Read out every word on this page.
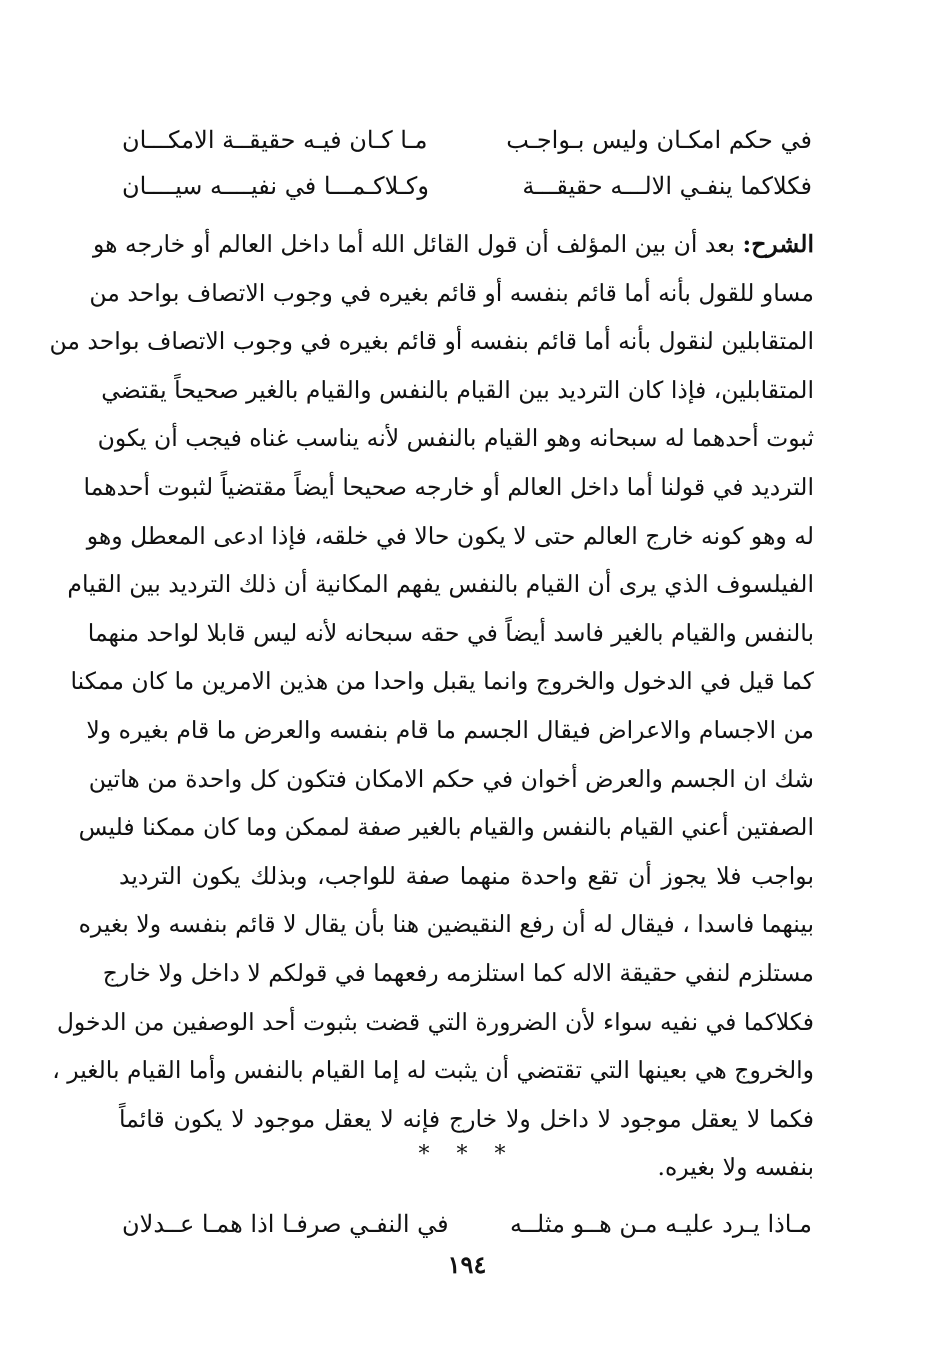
في حكم امكـان وليس بـواجـب
مـا كـان فيـه حقيقــة الامكـــان
فكلاكما ينفـي الالـــه حقيقـــة
وكـلاكـمـــا في نفيــــه سيــــان
الشرح: بعد أن بين المؤلف أن قول القائل الله أما داخل العالم أو خارجه هو
مساو للقول بأنه أما قائم بنفسه أو قائم بغيره في وجوب الاتصاف بواحد من
المتقابلين لنقول بأنه أما قائم بنفسه أو قائم بغيره في وجوب الاتصاف بواحد من
المتقابلين، فإذا كان الترديد بين القيام بالنفس والقيام بالغير صحيحاً يقتضي
ثبوت أحدهما له سبحانه وهو القيام بالنفس لأنه يناسب غناه فيجب أن يكون
الترديد في قولنا أما داخل العالم أو خارجه صحيحا أيضاً مقتضياً لثبوت أحدهما
له وهو كونه خارج العالم حتى لا يكون حالا في خلقه، فإذا ادعى المعطل وهو
الفيلسوف الذي يرى أن القيام بالنفس يفهم المكانية أن ذلك الترديد بين القيام
بالنفس والقيام بالغير فاسد أيضاً في حقه سبحانه لأنه ليس قابلا لواحد منهما
كما قيل في الدخول والخروج وانما يقبل واحدا من هذين الامرين ما كان ممكنا
من الاجسام والاعراض فيقال الجسم ما قام بنفسه والعرض ما قام بغيره ولا
شك ان الجسم والعرض أخوان في حكم الامكان فتكون كل واحدة من هاتين
الصفتين أعني القيام بالنفس والقيام بالغير صفة لممكن وما كان ممكنا فليس
بواجب فلا يجوز أن تقع واحدة منهما صفة للواجب، وبذلك يكون الترديد
بينهما فاسدا ، فيقال له أن رفع النقيضين هنا بأن يقال لا قائم بنفسه ولا بغيره
مستلزم لنفي حقيقة الاله كما استلزمه رفعهما في قولكم لا داخل ولا خارج
فكلاكما في نفيه سواء لأن الضرورة التي قضت بثبوت أحد الوصفين من الدخول
والخروج هي بعينها التي تقتضي أن يثبت له إما القيام بالنفس وأما القيام بالغير ،
فكما لا يعقل موجود لا داخل ولا خارج فإنه لا يعقل موجود لا يكون قائماً
بنفسه ولا بغيره.
* * *
مـاذا يـرد عليـه مـن هــو مثلــه
في النفـي صرفـا اذا همـا عــدلان
١٩٤
